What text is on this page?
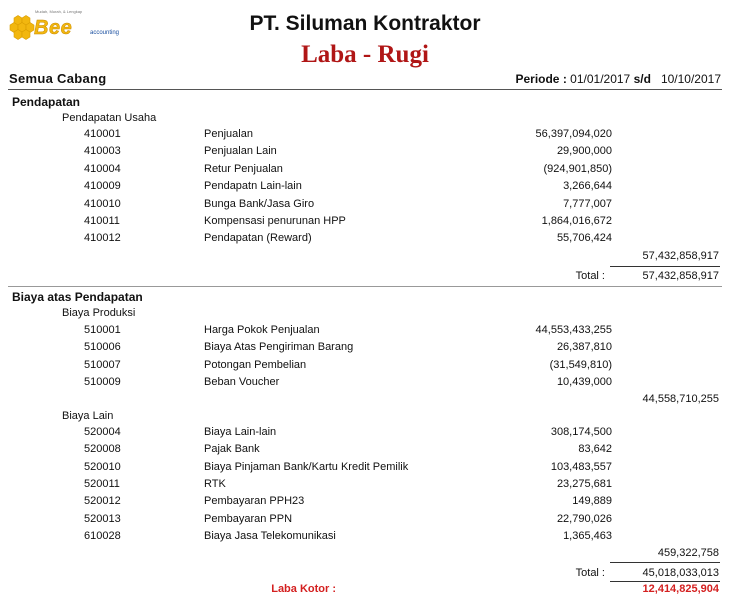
Mudah, Murah, & Lengkap
Bee	accounting	PT. Siluman Kontraktor
Laba - Rugi
Semua Cabang	Periode : 01/01/2017 s/d 10/10/2017
Pendapatan
Pendapatan Usaha
410001	Penjualan	56,397,094,020
410003	Penjualan Lain	29,900,000
410004	Retur Penjualan	(924,901,850)
410009	Pendapatn Lain-lain	3,266,644
410010	Bunga Bank/Jasa Giro	7,777,007
410011	Kompensasi penurunan HPP	1,864,016,672
410012	Pendapatan (Reward)	55,706,424
57,432,858,917
Total :	57,432,858,917
Biaya atas Pendapatan
Biaya Produksi
510001	Harga Pokok Penjualan	44,553,433,255
510006	Biaya Atas Pengiriman Barang	26,387,810
510007	Potongan Pembelian	(31,549,810)
510009	Beban Voucher	10,439,000
44,558,710,255
Biaya Lain
520004	Biaya Lain-lain	308,174,500
520008	Pajak Bank	83,642
520010	Biaya Pinjaman Bank/Kartu Kredit Pemilik	103,483,557
520011	RTK	23,275,681
520012	Pembayaran PPH23	149,889
520013	Pembayaran PPN	22,790,026
610028	Biaya Jasa Telekomunikasi	1,365,463
459,322,758
Total :	45,018,033,013
Laba Kotor :	12,414,825,904
